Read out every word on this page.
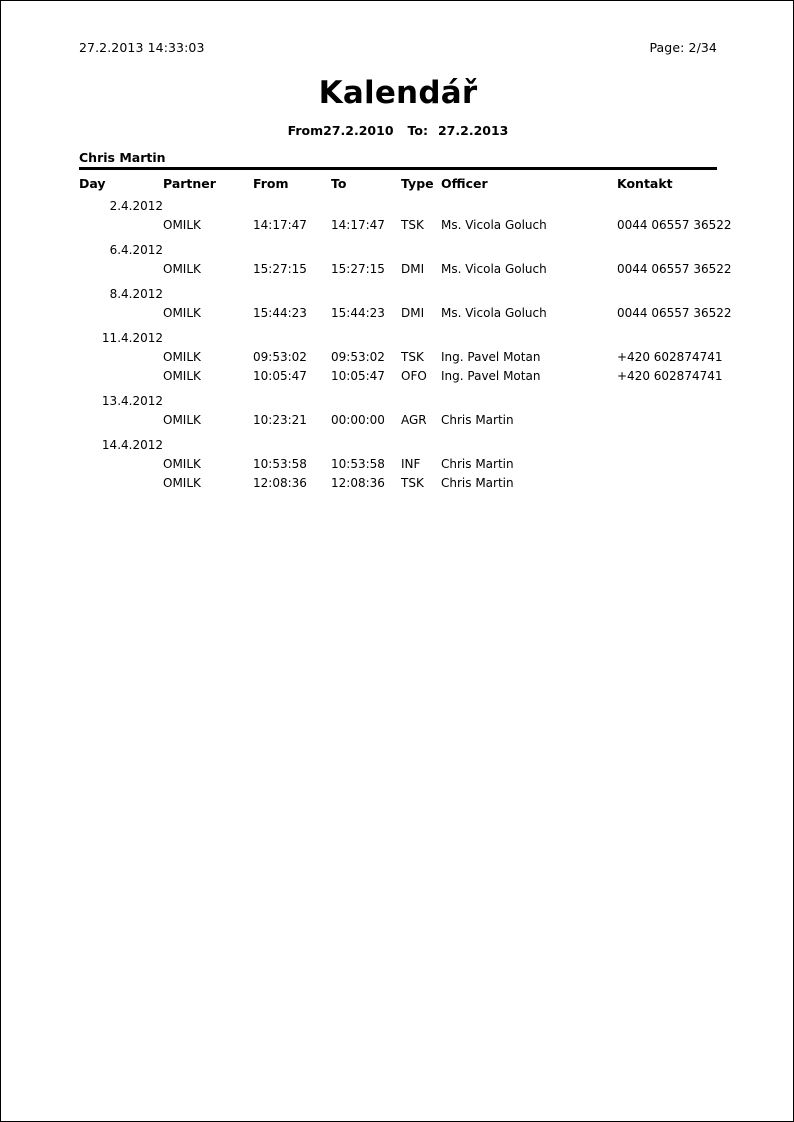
27.2.2013 14:33:03	Page: 2/34
Kalendář
From27.2.2010 To: 27.2.2013
Chris Martin
Day	Partner	From	To	Type	Officer	Kontakt
2.4.2012						
	OMILK	14:17:47	14:17:47	TSK	Ms. Vicola Goluch	0044 06557 36522
6.4.2012						
	OMILK	15:27:15	15:27:15	DMI	Ms. Vicola Goluch	0044 06557 36522
8.4.2012						
	OMILK	15:44:23	15:44:23	DMI	Ms. Vicola Goluch	0044 06557 36522
11.4.2012						
	OMILK	09:53:02	09:53:02	TSK	Ing. Pavel Motan	+420 602874741
	OMILK	10:05:47	10:05:47	OFO	Ing. Pavel Motan	+420 602874741
13.4.2012						
	OMILK	10:23:21	00:00:00	AGR	Chris Martin	
14.4.2012						
	OMILK	10:53:58	10:53:58	INF	Chris Martin	
	OMILK	12:08:36	12:08:36	TSK	Chris Martin	
